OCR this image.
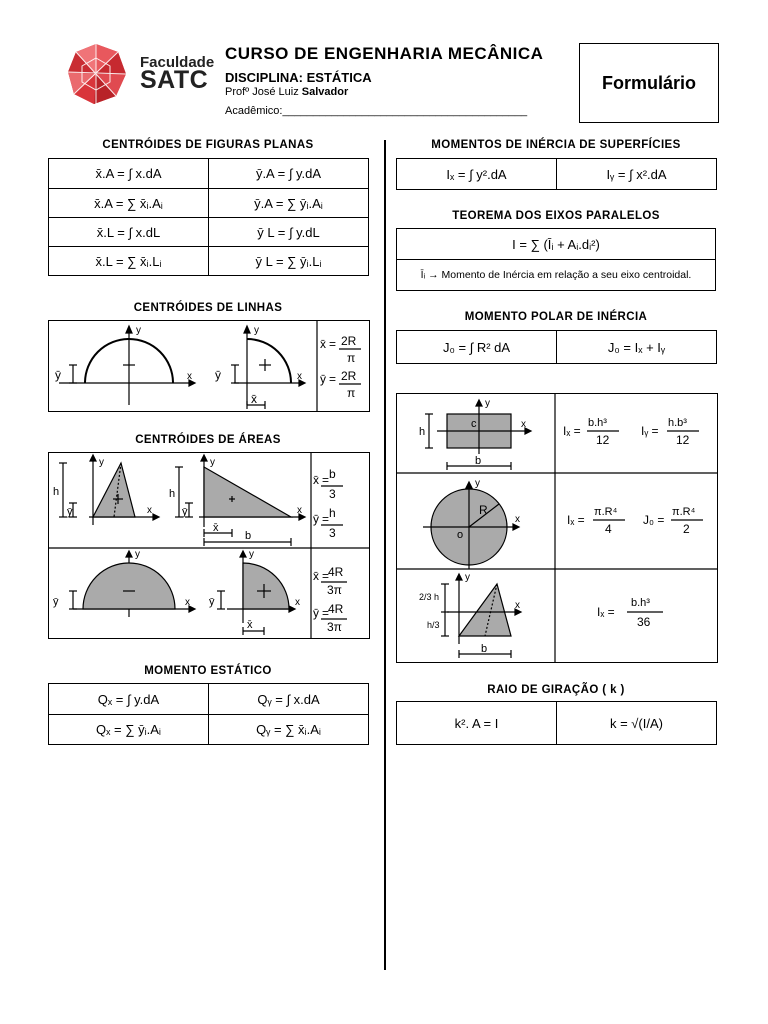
Faculdade
SATC
CURSO DE ENGENHARIA MECÂNICA
DISCIPLINA: ESTÁTICA
Profº José Luiz Salvador
Acadêmico:________________________________________
Formulário
CENTRÓIDES DE FIGURAS PLANAS
x̄.A = ∫ x.dA	ȳ.A = ∫ y.dA
x̄.A = ∑ x̄ᵢ.Aᵢ	ȳ.A = ∑ ȳᵢ.Aᵢ
x̄.L = ∫ x.dL	ȳ L = ∫ y.dL
x̄.L = ∑ x̄ᵢ.Lᵢ	ȳ L = ∑ ȳᵢ.Lᵢ
CENTRÓIDES DE LINHAS
y
x
ȳ
y
x
ȳ
x̄
x̄ = 2R
π
ȳ = 2R
π
CENTRÓIDES DE ÁREAS
y
x
h
ȳ
y
x
h
ȳ
x̄
b
x̄ = b
3
ȳ = h
3
y
x
ȳ
y
x
ȳ
x̄
x̄ =
4R
3π
ȳ =
4R
3π
MOMENTO ESTÁTICO
Qₓ = ∫ y.dA	Qᵧ = ∫ x.dA
Qₓ = ∑ ȳᵢ.Aᵢ	Qᵧ = ∑ x̄ᵢ.Aᵢ
MOMENTOS DE INÉRCIA DE SUPERFÍCIES
Iₓ = ∫ y².dA	Iᵧ = ∫ x².dA
TEOREMA DOS EIXOS PARALELOS
I = ∑ (Īᵢ + Aᵢ.dᵢ²)
Īᵢ → Momento de Inércia em relação a seu eixo centroidal.
MOMENTO POLAR DE INÉRCIA
J₀ = ∫ R² dA	J₀ = Iₓ + Iᵧ
y
x
c
h
b
Iₓ =
b.h³
12
Iᵧ =
h.b³
12
y
x
R
o
Iₓ =
π.R⁴
4
J₀ =
π.R⁴
2
y
x
2/3 h
h/3
b
Iₓ =
b.h³
36
RAIO DE GIRAÇÃO ( k )
k². A = I	k = √(I/A)
